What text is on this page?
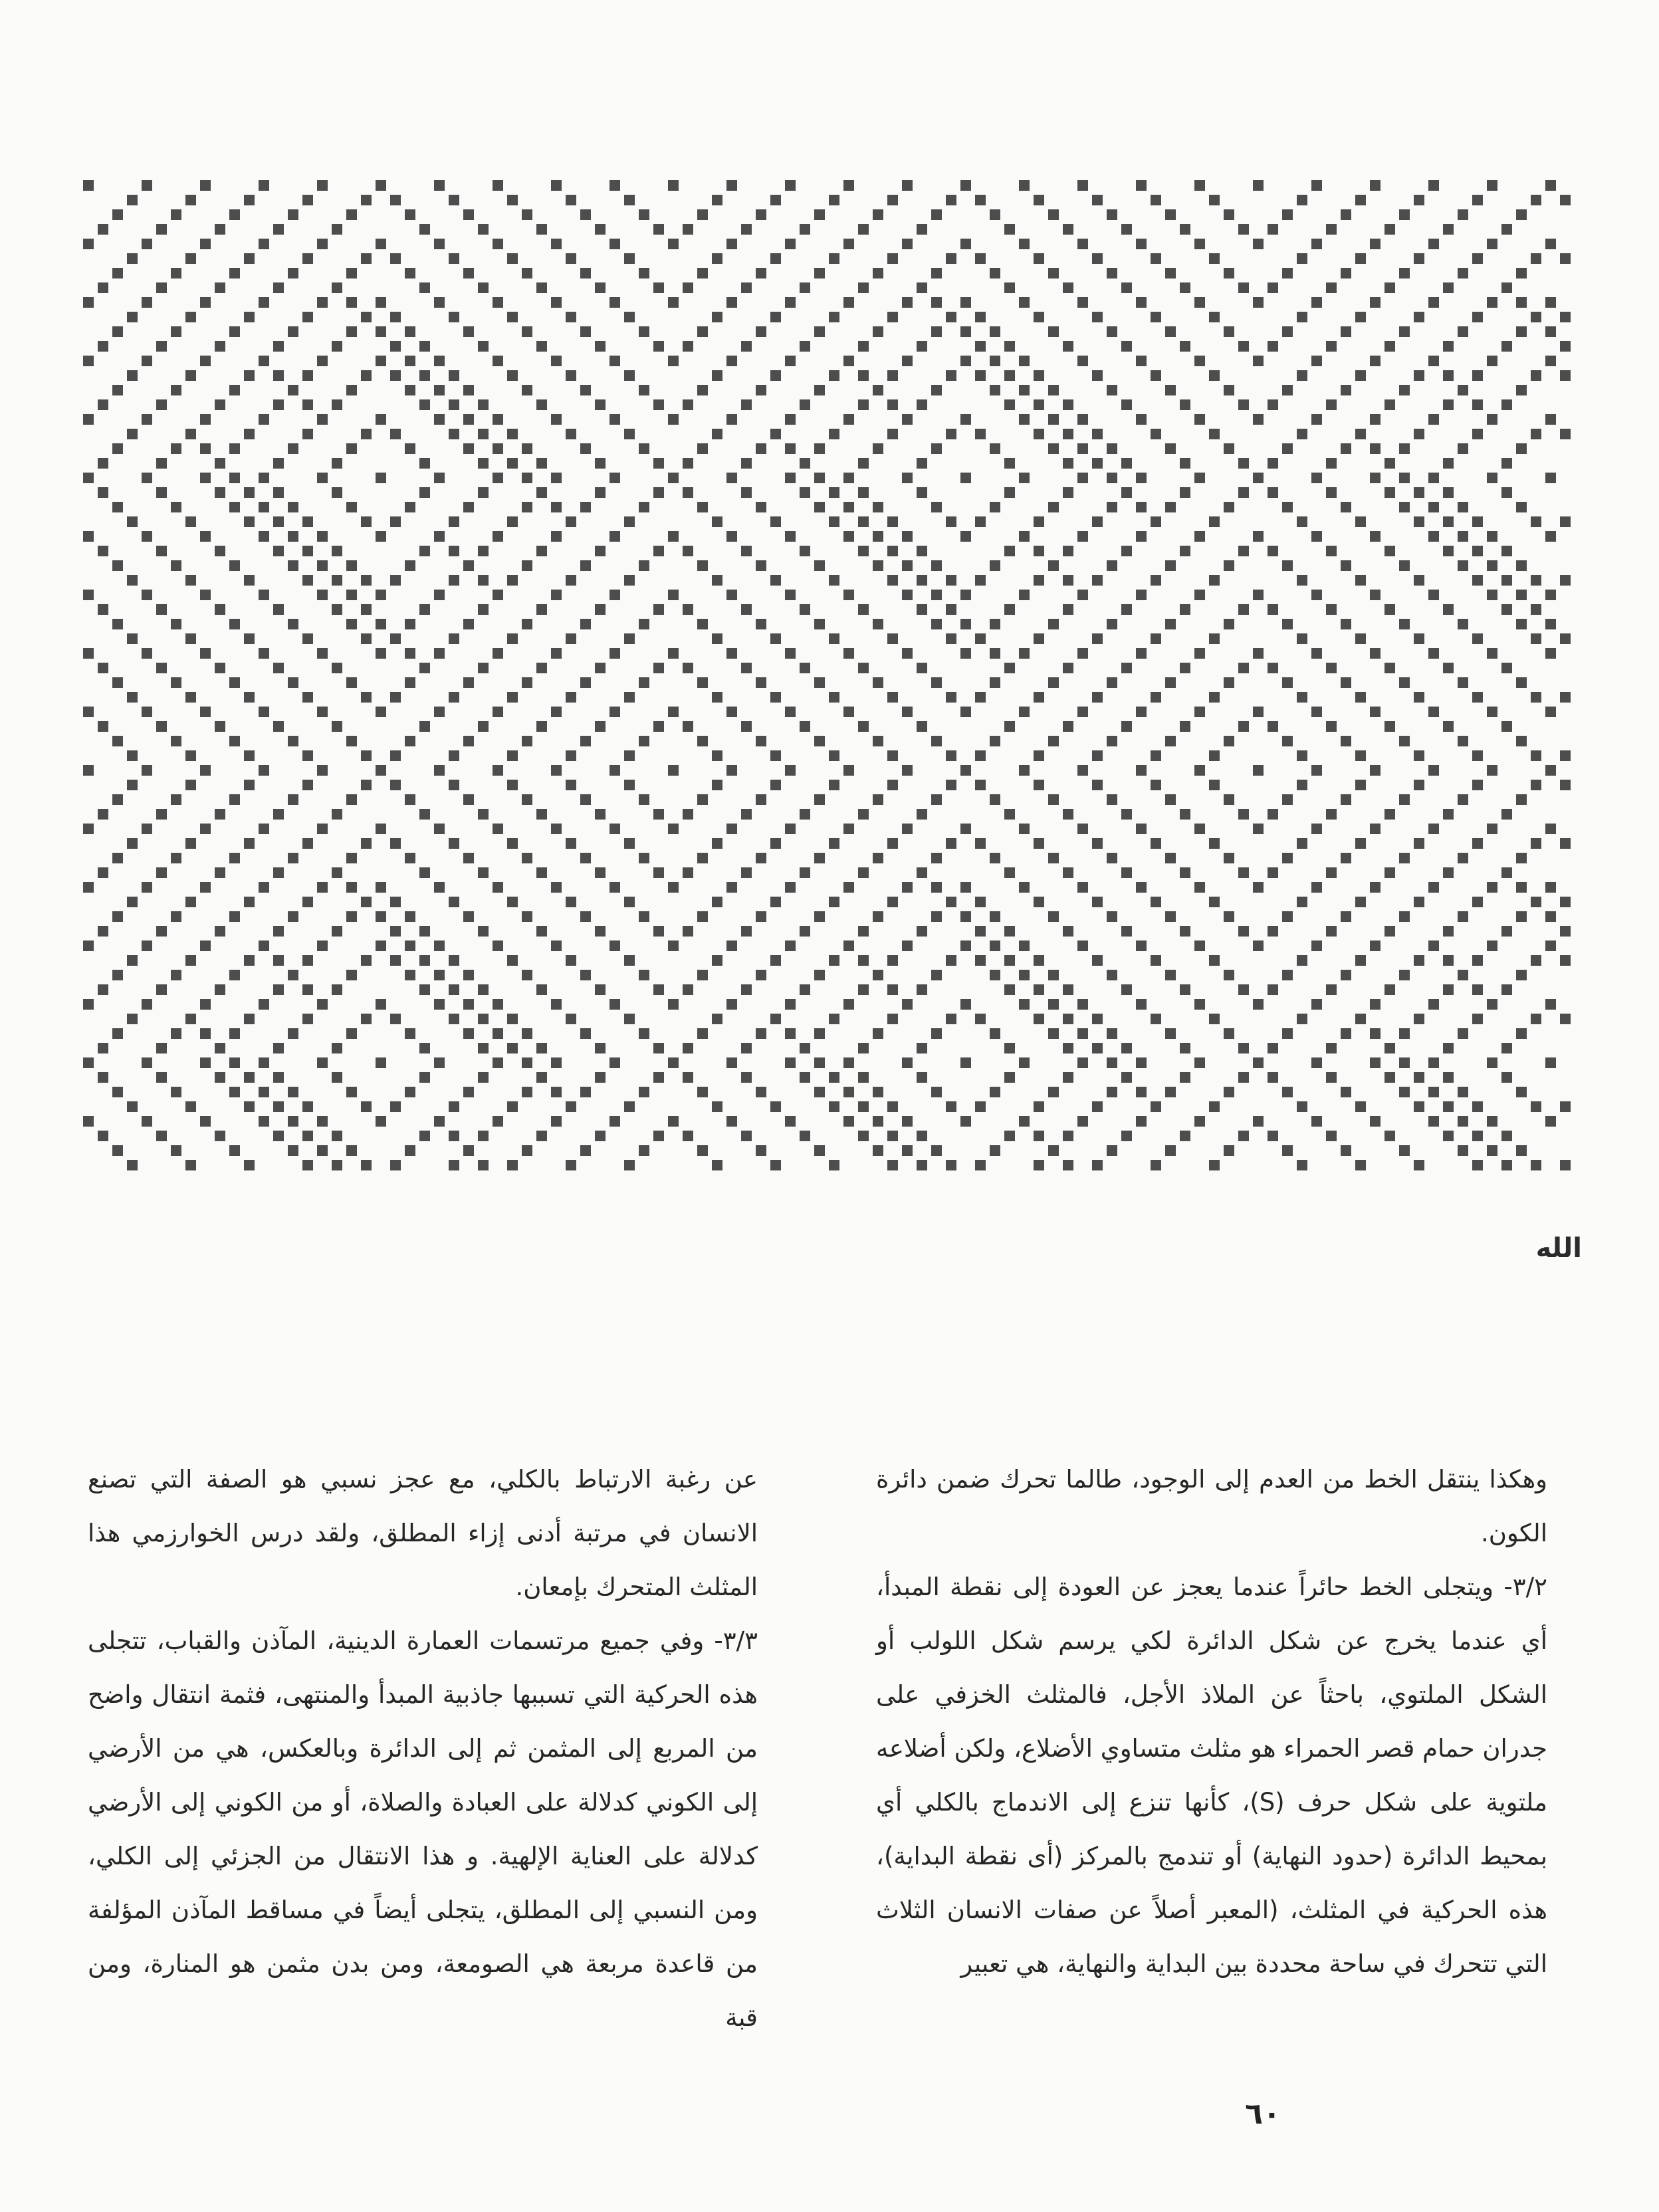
الله

وهكذا ينتقل الخط من العدم إلى الوجود، طالما تحرك ضمن دائرة الكون.

٣/٢- ويتجلى الخط حائراً عندما يعجز عن العودة إلى نقطة المبدأ، أي عندما يخرج عن شكل الدائرة لكي يرسم شكل اللولب أو الشكل الملتوي، باحثاً عن الملاذ الأجل، فالمثلث الخزفي على جدران حمام قصر الحمراء هو مثلث متساوي الأضلاع، ولكن أضلاعه ملتوية على شكل حرف (S)، كأنها تنزع إلى الاندماج بالكلي أي بمحيط الدائرة (حدود النهاية) أو تندمج بالمركز (أى نقطة البداية)، هذه الحركية في المثلث، (المعبر أصلاً عن صفات الانسان الثلاث التي تتحرك في ساحة محددة بين البداية والنهاية، هي تعبير

عن رغبة الارتباط بالكلي، مع عجز نسبي هو الصفة التي تصنع الانسان في مرتبة أدنى إزاء المطلق، ولقد درس الخوارزمي هذا المثلث المتحرك بإمعان.

٣/٣- وفي جميع مرتسمات العمارة الدينية، المآذن والقباب، تتجلى هذه الحركية التي تسببها جاذبية المبدأ والمنتهى، فثمة انتقال واضح من المربع إلى المثمن ثم إلى الدائرة وبالعكس، هي من الأرضي إلى الكوني كدلالة على العبادة والصلاة، أو من الكوني إلى الأرضي كدلالة على العناية الإلهية. و هذا الانتقال من الجزئي إلى الكلي، ومن النسبي إلى المطلق، يتجلى أيضاً في مساقط المآذن المؤلفة من قاعدة مربعة هي الصومعة، ومن بدن مثمن هو المنارة، ومن قبة

٦٠
